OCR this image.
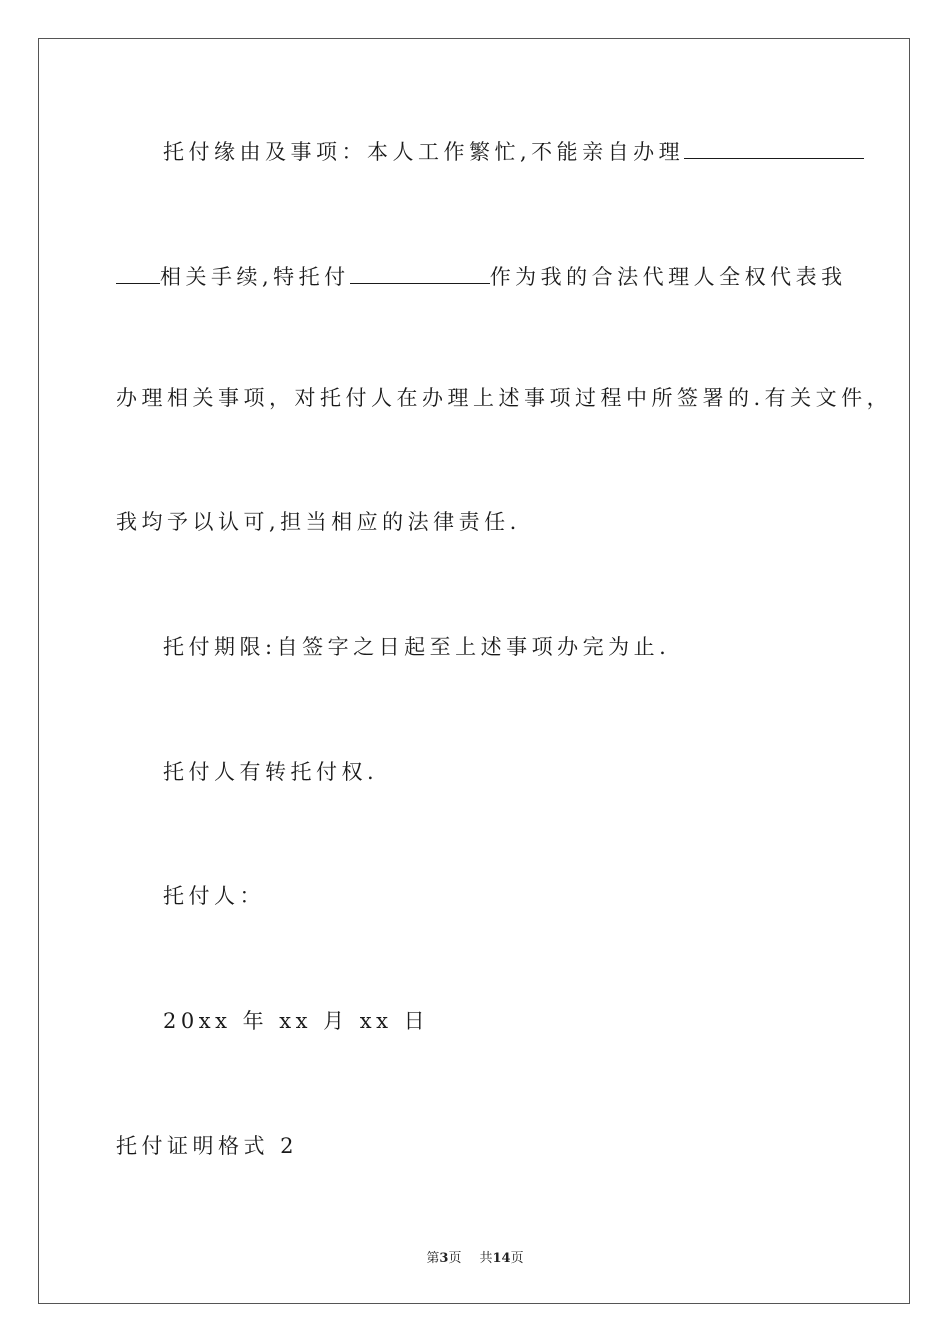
托付缘由及事项：本人工作繁忙,不能亲自办理
相关手续,特托付	作为我的合法代理人全权代表我
办理相关事项，对托付人在办理上述事项过程中所签署的.有关文件，
我均予以认可,担当相应的法律责任.
托付期限:自签字之日起至上述事项办完为止.
托付人有转托付权.
托付人：
20xx 年 xx 月 xx 日
托付证明格式 2
第3页 共14页
